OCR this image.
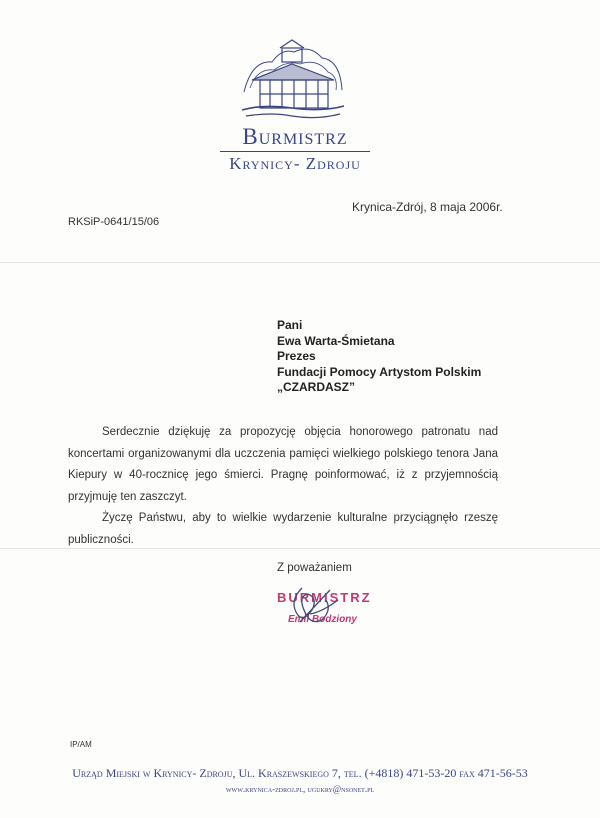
Burmistrz
Krynicy- Zdroju
Krynica-Zdrój, 8 maja 2006r.
RKSiP-0641/15/06
Pani
Ewa Warta-Śmietana
Prezes
Fundacji Pomocy Artystom Polskim
„CZARDASZ”

Serdecznie dziękuję za propozycję objęcia honorowego patronatu nad koncertami organizowanymi dla uczczenia pamięci wielkiego polskiego tenora Jana Kiepury w 40-rocznicę jego śmierci. Pragnę poinformować, iż z przyjemnością przyjmuję ten zaszczyt.

Życzę Państwu, aby to wielkie wydarzenie kulturalne przyciągnęło rzeszę publiczności.

Z poważaniem
BURMISTRZ
Emil Bodziony
IP/AM
Urząd Miejski w Krynicy- Zdroju, Ul. Kraszewskiego 7, tel. (+4818) 471-53-20 fax 471-56-53
www.krynica-zdroj.pl, ugukry@nsonet.pl
